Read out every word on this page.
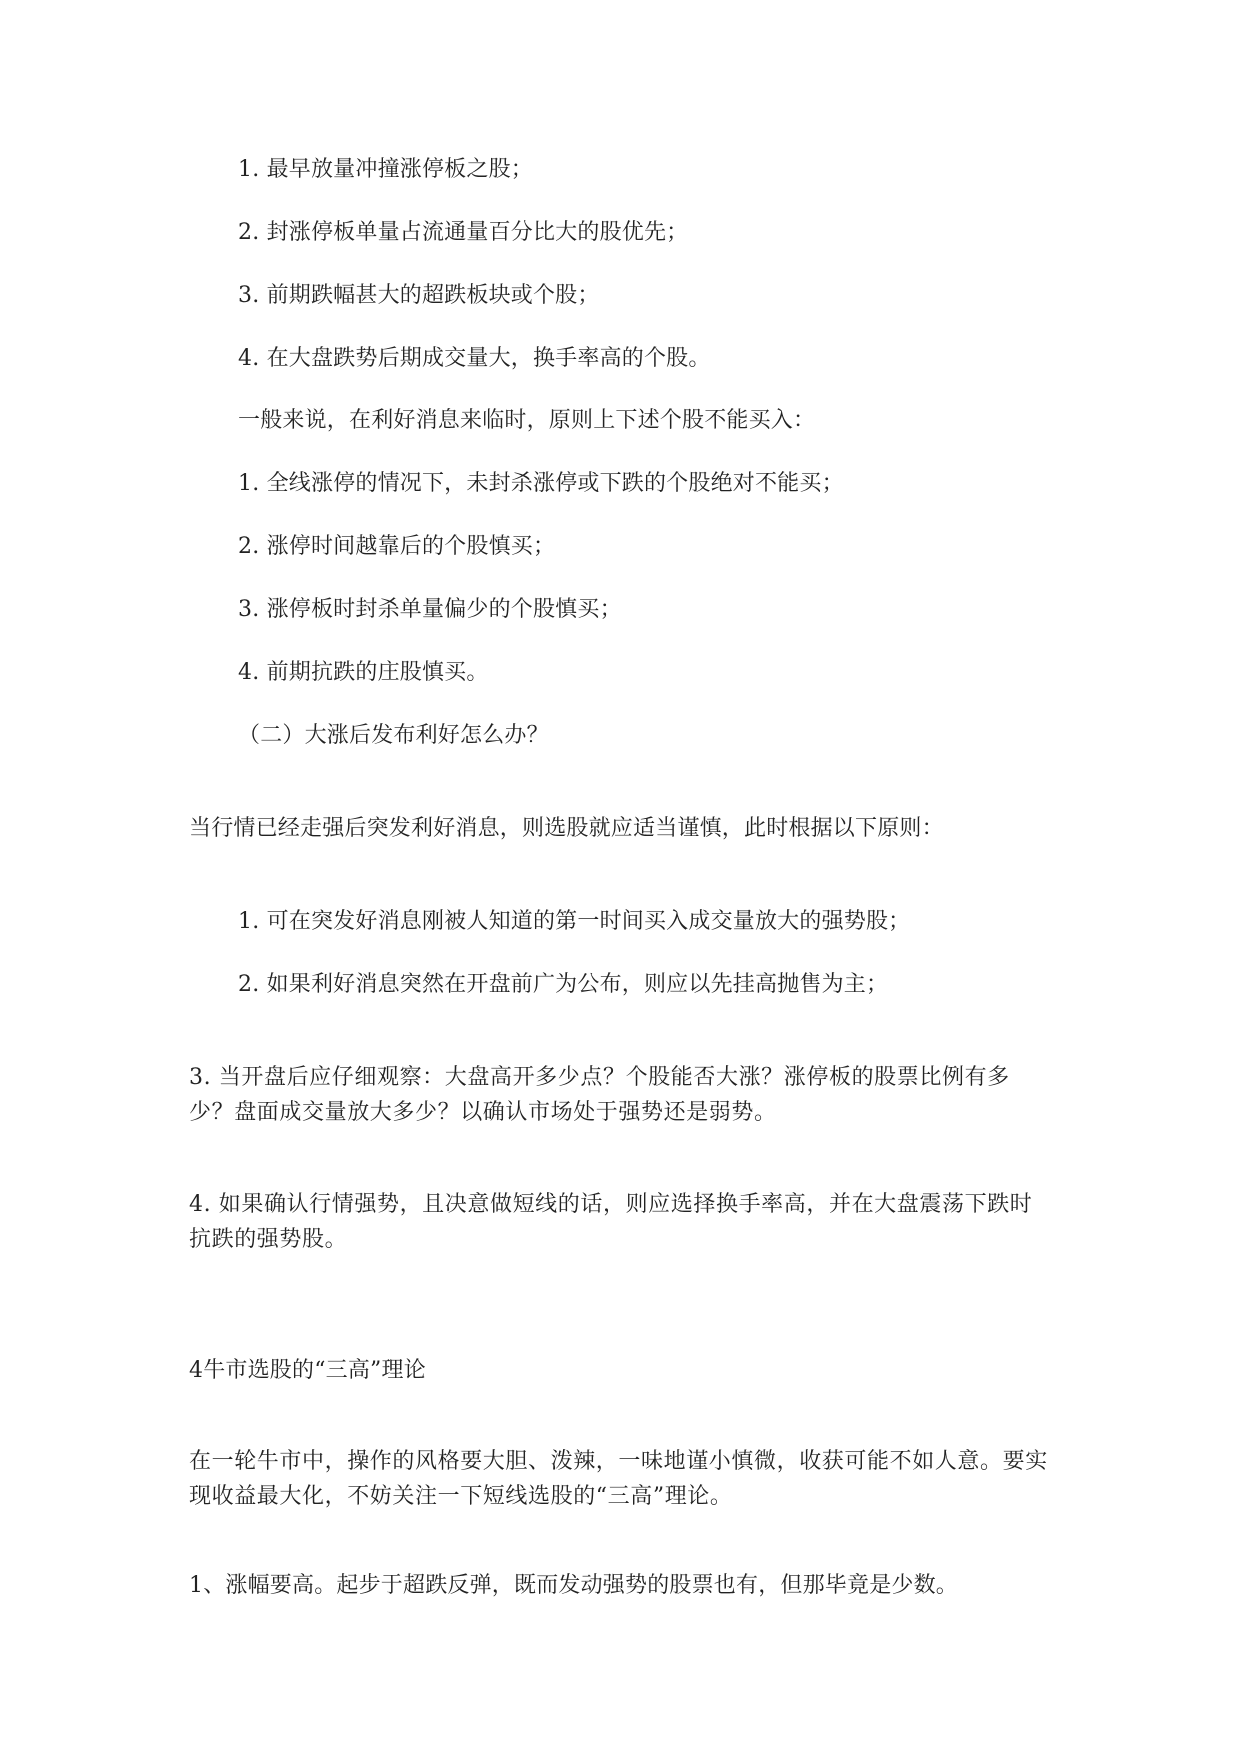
1. 最早放量冲撞涨停板之股；

2. 封涨停板单量占流通量百分比大的股优先；

3. 前期跌幅甚大的超跌板块或个股；

4. 在大盘跌势后期成交量大，换手率高的个股。

一般来说，在利好消息来临时，原则上下述个股不能买入：

1. 全线涨停的情况下，未封杀涨停或下跌的个股绝对不能买；

2. 涨停时间越靠后的个股慎买；

3. 涨停板时封杀单量偏少的个股慎买；

4. 前期抗跌的庄股慎买。

（二）大涨后发布利好怎么办？

当行情已经走强后突发利好消息，则选股就应适当谨慎，此时根据以下原则：

1. 可在突发好消息刚被人知道的第一时间买入成交量放大的强势股；

2. 如果利好消息突然在开盘前广为公布，则应以先挂高抛售为主；

3. 当开盘后应仔细观察：大盘高开多少点？个股能否大涨？涨停板的股票比例有多少？盘面成交量放大多少？以确认市场处于强势还是弱势。

4. 如果确认行情强势，且决意做短线的话，则应选择换手率高，并在大盘震荡下跌时抗跌的强势股。

4牛市选股的“三高”理论

在一轮牛市中，操作的风格要大胆、泼辣，一味地谨小慎微，收获可能不如人意。要实现收益最大化，不妨关注一下短线选股的“三高”理论。

1、涨幅要高。起步于超跌反弹，既而发动强势的股票也有，但那毕竟是少数。
